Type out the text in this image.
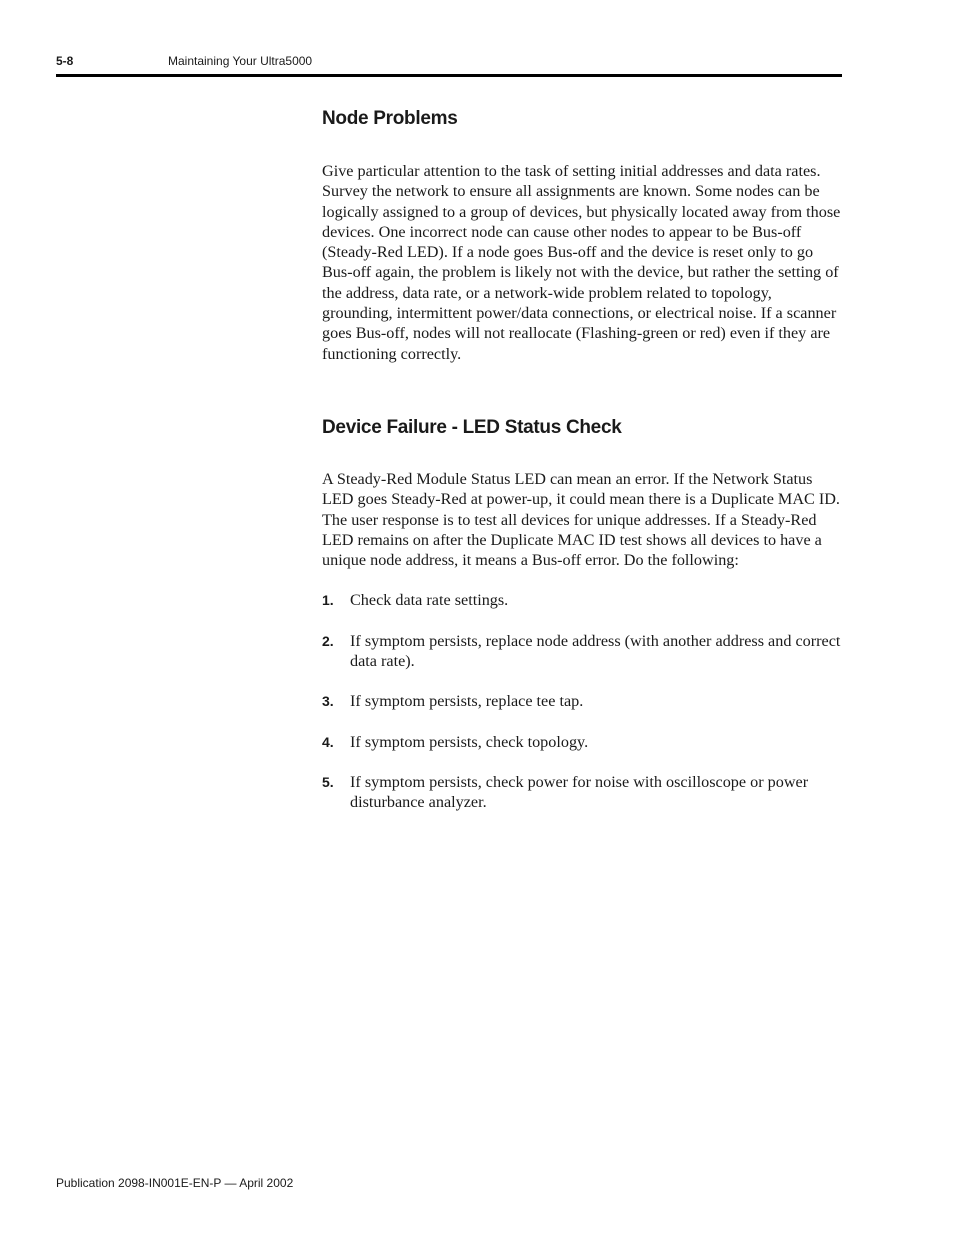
5-8	Maintaining Your Ultra5000
Node Problems

Give particular attention to the task of setting initial addresses and data rates. Survey the network to ensure all assignments are known. Some nodes can be logically assigned to a group of devices, but physically located away from those devices. One incorrect node can cause other nodes to appear to be Bus-off (Steady-Red LED). If a node goes Bus-off and the device is reset only to go Bus-off again, the problem is likely not with the device, but rather the setting of the address, data rate, or a network-wide problem related to topology, grounding, intermittent power/data connections, or electrical noise. If a scanner goes Bus-off, nodes will not reallocate (Flashing-green or red) even if they are functioning correctly.

Device Failure - LED Status Check

A Steady-Red Module Status LED can mean an error. If the Network Status LED goes Steady-Red at power-up, it could mean there is a Duplicate MAC ID. The user response is to test all devices for unique addresses. If a Steady-Red LED remains on after the Duplicate MAC ID test shows all devices to have a unique node address, it means a Bus-off error. Do the following:

1.	Check data rate settings.
2.	If symptom persists, replace node address (with another address and correct data rate).
3.	If symptom persists, replace tee tap.
4.	If symptom persists, check topology.
5.	If symptom persists, check power for noise with oscilloscope or power disturbance analyzer.
Publication 2098-IN001E-EN-P — April 2002
